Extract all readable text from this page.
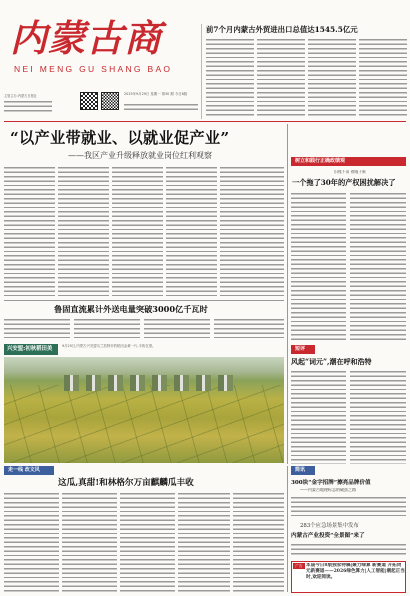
内蒙古商
NEI MENG GU SHANG BAO
主管主办:内蒙古日报社	2025年9月29日 星期一 第30 期 今日8版
前7个月内蒙古外贸进出口总值达1545.5亿元
“以产业带就业、以就业促产业”
——我区产业升级释放就业岗位红利观察
鲁固直流累计外送电量突破3000亿千瓦时
兴安盟:初秋稻田美	9月25日,内蒙古兴安盟乌兰浩特市的稻田金黄一片,丰收在望。
树立和践行正确政绩观
旧账不旧 着眼于新
一个拖了30年的产权困扰解决了
短评
风起“词元”,潮在呼和浩特
走一线 改文风
这瓜,真甜!和林格尔万亩麒麟瓜丰收
简讯
300块“金字招牌”擦亮品牌价值
——内蒙古地理标志的破茧之路
283个应急场景集中发布
内蒙古产业投资“全景图”来了
广告 本届今日8版独家特稿|聚力绿算 新赛道 开拓词元新赛道——2026绿色算力|人工智能|潮起正当时,欢迎阅读。
